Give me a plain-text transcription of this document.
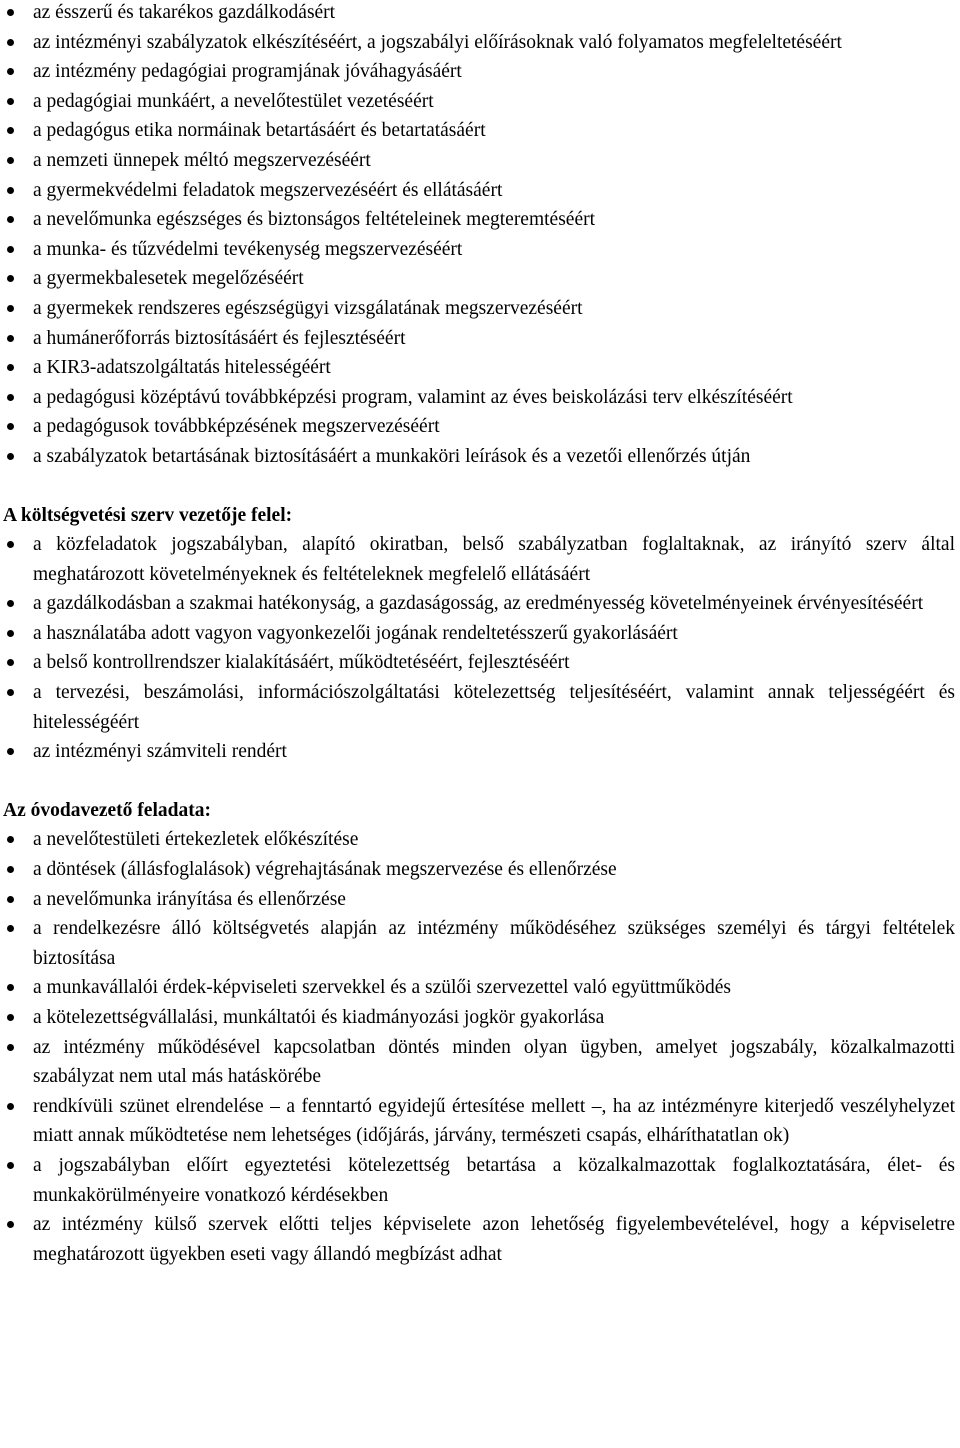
az ésszerű és takarékos gazdálkodásért
az intézményi szabályzatok elkészítéséért, a jogszabályi előírásoknak való folyamatos megfeleltetéséért
az intézmény pedagógiai programjának jóváhagyásáért
a pedagógiai munkáért, a nevelőtestület vezetéséért
a pedagógus etika normáinak betartásáért és betartatásáért
a nemzeti ünnepek méltó megszervezéséért
a gyermekvédelmi feladatok megszervezéséért és ellátásáért
a nevelőmunka egészséges és biztonságos feltételeinek megteremtéséért
a munka- és tűzvédelmi tevékenység megszervezéséért
a gyermekbalesetek megelőzéséért
a gyermekek rendszeres egészségügyi vizsgálatának megszervezéséért
a humánerőforrás biztosításáért és fejlesztéséért
a KIR3-adatszolgáltatás hitelességéért
a pedagógusi középtávú továbbképzési program, valamint az éves beiskolázási terv elkészítéséért
a pedagógusok továbbképzésének megszervezéséért
a szabályzatok betartásának biztosításáért a munkaköri leírások és a vezetői ellenőrzés útján

A költségvetési szerv vezetője felel:

a közfeladatok jogszabályban, alapító okiratban, belső szabályzatban foglaltaknak, az irányító szerv által meghatározott követelményeknek és feltételeknek megfelelő ellátásáért
a gazdálkodásban a szakmai hatékonyság, a gazdaságosság, az eredményesség követelményeinek érvényesítéséért
a használatába adott vagyon vagyonkezelői jogának rendeltetésszerű gyakorlásáért
a belső kontrollrendszer kialakításáért, működtetéséért, fejlesztéséért
a tervezési, beszámolási, információszolgáltatási kötelezettség teljesítéséért, valamint annak teljességéért és hitelességéért
az intézményi számviteli rendért

Az óvodavezető feladata:

a nevelőtestületi értekezletek előkészítése
a döntések (állásfoglalások) végrehajtásának megszervezése és ellenőrzése
a nevelőmunka irányítása és ellenőrzése
a rendelkezésre álló költségvetés alapján az intézmény működéséhez szükséges személyi és tárgyi feltételek biztosítása
a munkavállalói érdek-képviseleti szervekkel és a szülői szervezettel való együttműködés
a kötelezettségvállalási, munkáltatói és kiadmányozási jogkör gyakorlása
az intézmény működésével kapcsolatban döntés minden olyan ügyben, amelyet jogszabály, közalkalmazotti szabályzat nem utal más hatáskörébe
rendkívüli szünet elrendelése – a fenntartó egyidejű értesítése mellett –, ha az intézményre kiterjedő veszélyhelyzet miatt annak működtetése nem lehetséges (időjárás, járvány, természeti csapás, elháríthatatlan ok)
a jogszabályban előírt egyeztetési kötelezettség betartása a közalkalmazottak foglalkoztatására, élet- és munkakörülményeire vonatkozó kérdésekben
az intézmény külső szervek előtti teljes képviselete azon lehetőség figyelembevételével, hogy a képviseletre meghatározott ügyekben eseti vagy állandó megbízást adhat
